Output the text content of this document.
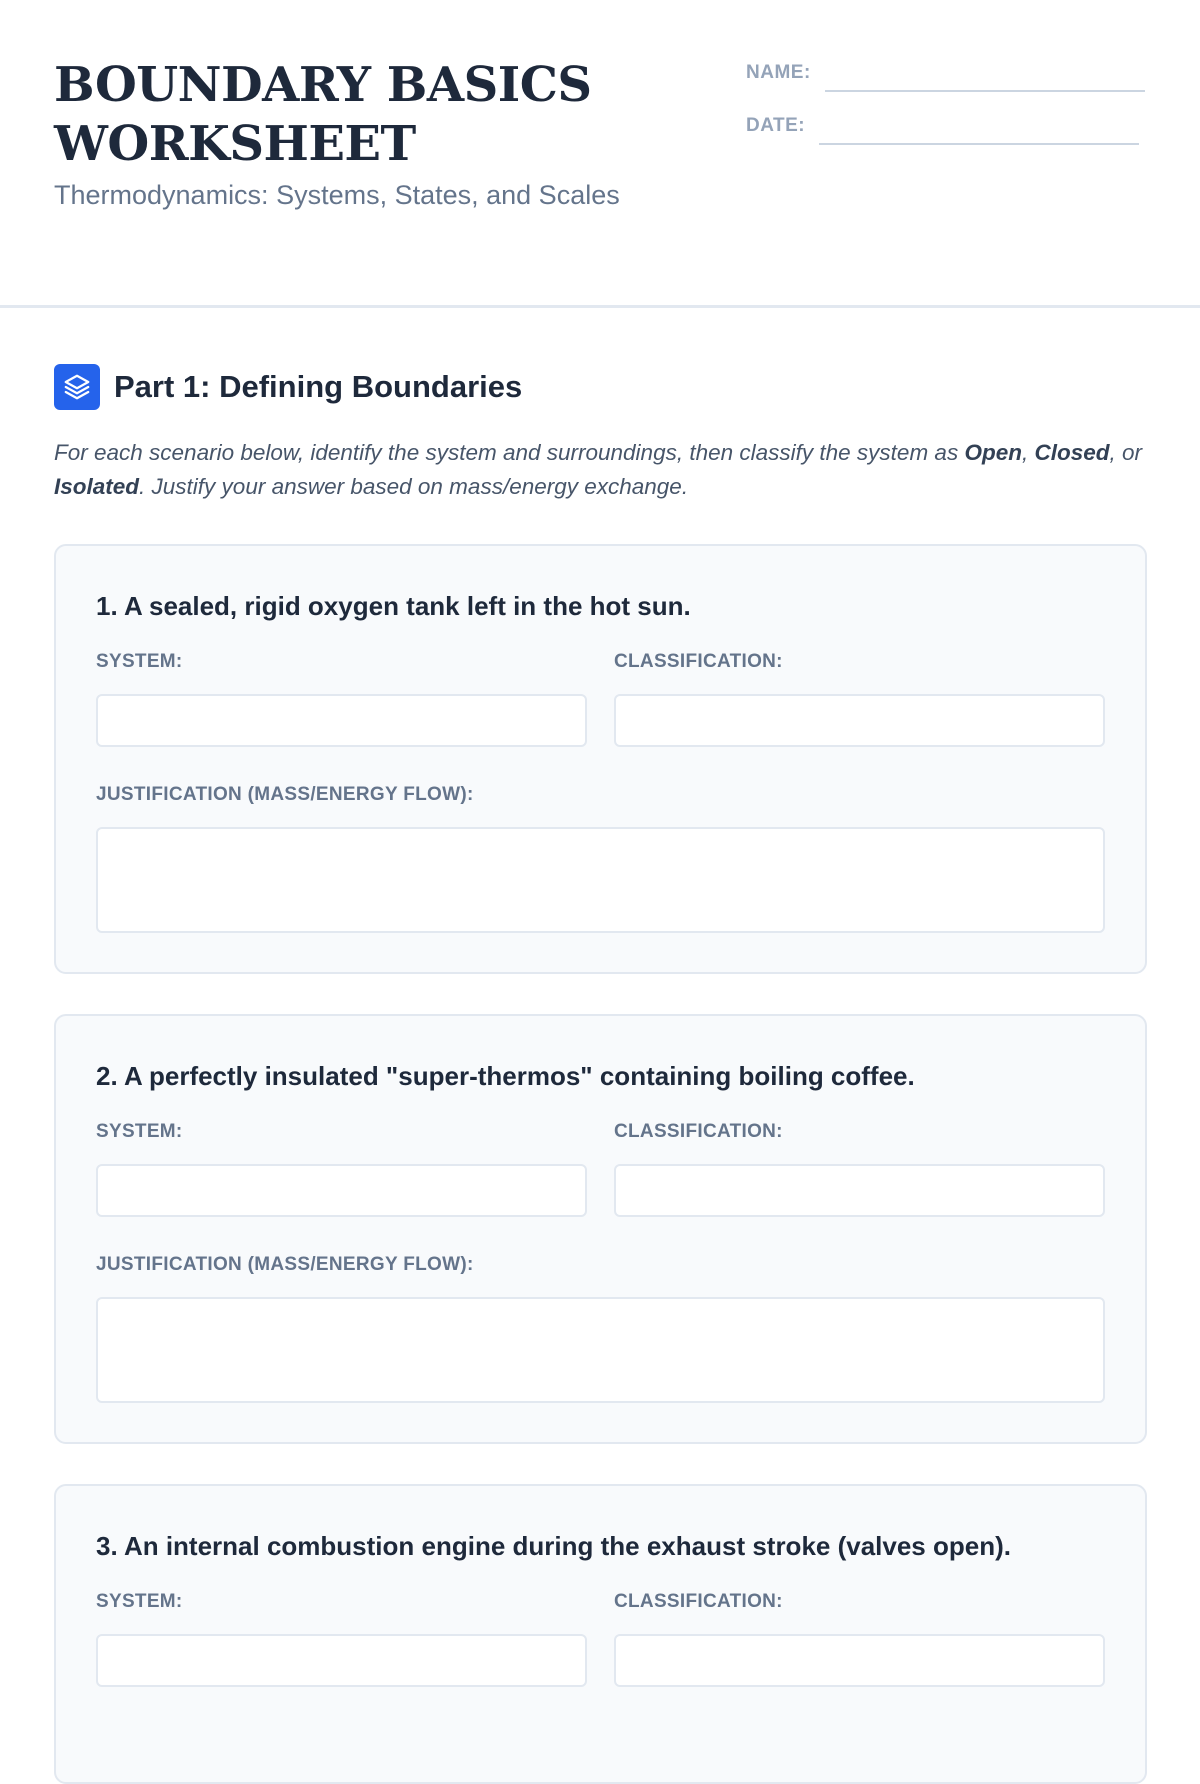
BOUNDARY BASICS
WORKSHEET
Thermodynamics: Systems, States, and Scales
NAME:
DATE:
Part 1: Defining Boundaries
For each scenario below, identify the system and surroundings, then classify the system as Open, Closed, or Isolated. Justify your answer based on mass/energy exchange.
1. A sealed, rigid oxygen tank left in the hot sun.
SYSTEM:	CLASSIFICATION:
JUSTIFICATION (MASS/ENERGY FLOW):
2. A perfectly insulated "super-thermos" containing boiling coffee.
SYSTEM:	CLASSIFICATION:
JUSTIFICATION (MASS/ENERGY FLOW):
3. An internal combustion engine during the exhaust stroke (valves open).
SYSTEM:	CLASSIFICATION:
